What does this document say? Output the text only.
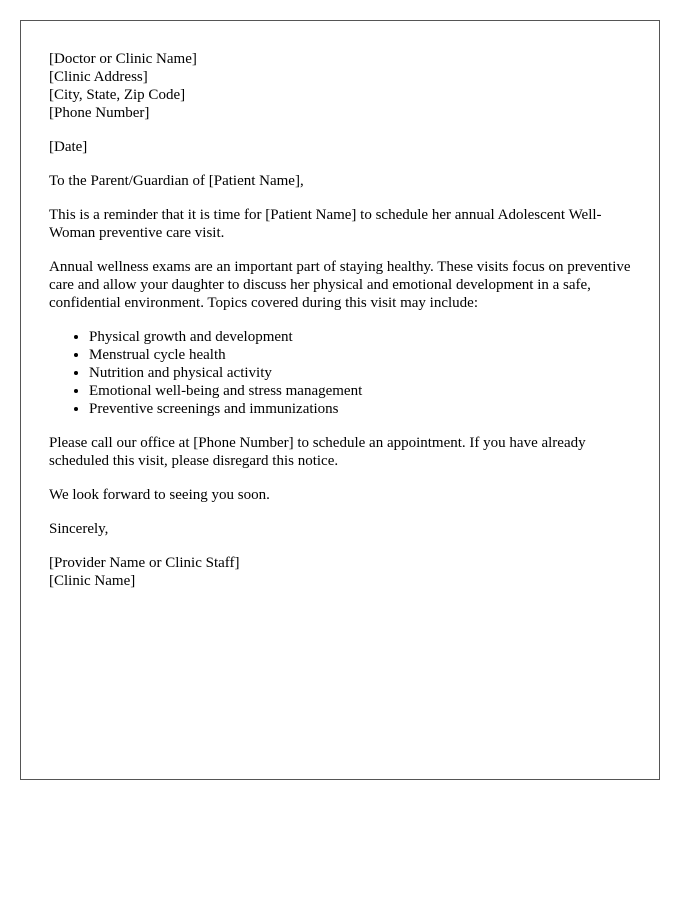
[Doctor or Clinic Name]

[Clinic Address]

[City, State, Zip Code]

[Phone Number]

[Date]

To the Parent/Guardian of [Patient Name],

This is a reminder that it is time for [Patient Name] to schedule her annual Adolescent Well-Woman preventive care visit.

Annual wellness exams are an important part of staying healthy. These visits focus on preventive care and allow your daughter to discuss her physical and emotional development in a safe, confidential environment. Topics covered during this visit may include:

• Physical growth and development
• Menstrual cycle health
• Nutrition and physical activity
• Emotional well-being and stress management
• Preventive screenings and immunizations

Please call our office at [Phone Number] to schedule an appointment. If you have already scheduled this visit, please disregard this notice.

We look forward to seeing you soon.

Sincerely,

[Provider Name or Clinic Staff]

[Clinic Name]
